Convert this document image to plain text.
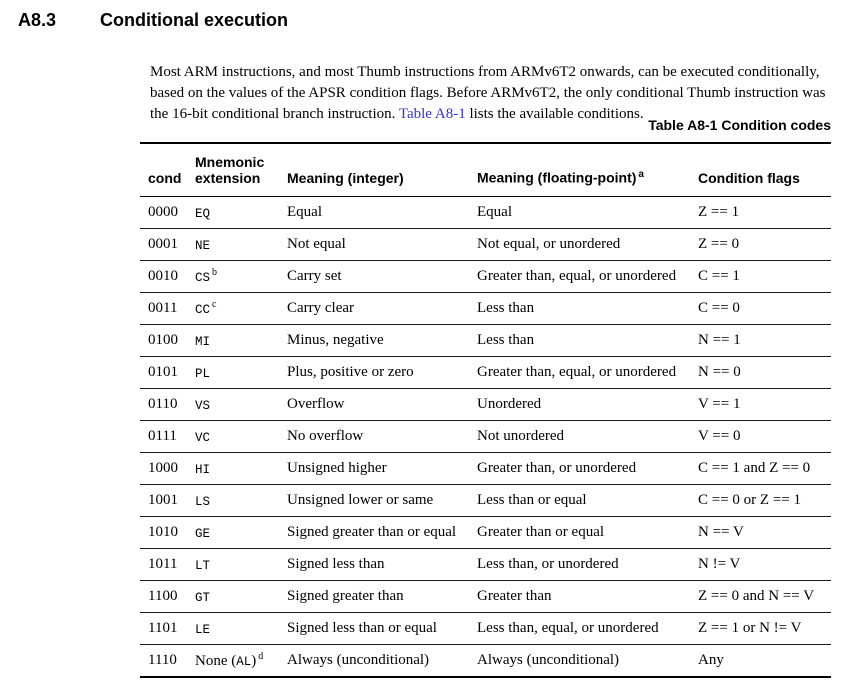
A8.3 Conditional execution

Most ARM instructions, and most Thumb instructions from ARMv6T2 onwards, can be executed conditionally, based on the values of the APSR condition flags. Before ARMv6T2, the only conditional Thumb instruction was the 16-bit conditional branch instruction. Table A8-1 lists the available conditions.

Table A8-1 Condition codes
cond	Mnemonic extension	Meaning (integer)	Meaning (floating-point) $^a$	Condition flags
0000	EQ	Equal	Equal	Z == 1
0001	NE	Not equal	Not equal, or unordered	Z == 0
0010	CS $^b$	Carry set	Greater than, equal, or unordered	C == 1
0011	CC $^c$	Carry clear	Less than	C == 0
0100	MI	Minus, negative	Less than	N == 1
0101	PL	Plus, positive or zero	Greater than, equal, or unordered	N == 0
0110	VS	Overflow	Unordered	V == 1
0111	VC	No overflow	Not unordered	V == 0
1000	HI	Unsigned higher	Greater than, or unordered	C == 1 and Z == 0
1001	LS	Unsigned lower or same	Less than or equal	C == 0 or Z == 1
1010	GE	Signed greater than or equal	Greater than or equal	N == V
1011	LT	Signed less than	Less than, or unordered	N != V
1100	GT	Signed greater than	Greater than	Z == 0 and N == V
1101	LE	Signed less than or equal	Less than, equal, or unordered	Z == 1 or N != V
1110	None (AL) $^d$	Always (unconditional)	Always (unconditional)	Any
